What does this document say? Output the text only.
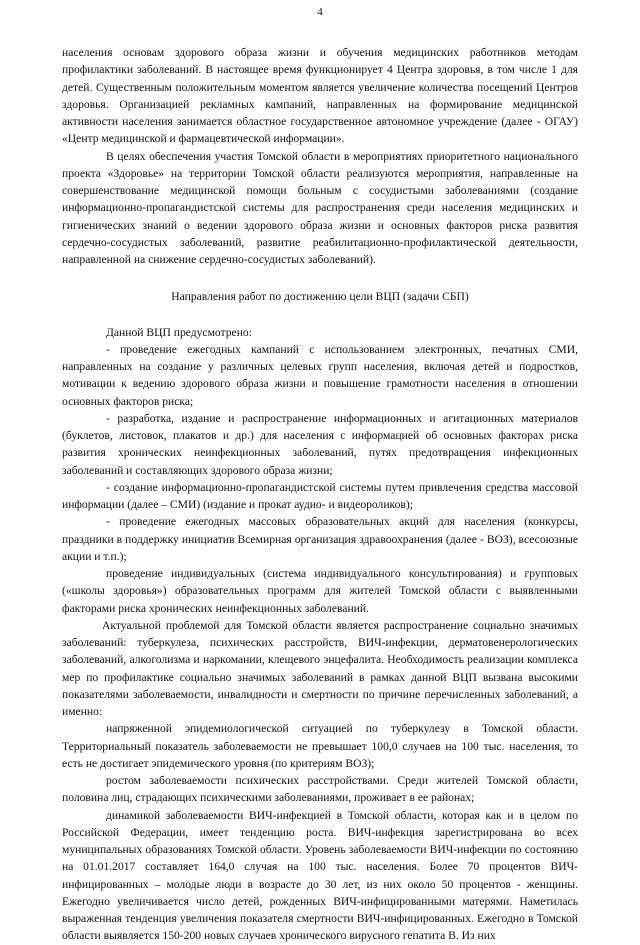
4

населения основам здорового образа жизни и обучения медицинских работников методам профилактики заболеваний. В настоящее время функционирует 4 Центра здоровья, в том числе 1 для детей. Существенным положительным моментом является увеличение количества посещений Центров здоровья. Организацией рекламных кампаний, направленных на формирование медицинской активности населения занимается областное государственное автономное учреждение (далее - ОГАУ) «Центр медицинской и фармацевтической информации».

В целях обеспечения участия Томской области в мероприятиях приоритетного национального проекта «Здоровье» на территории Томской области реализуются мероприятия, направленные на совершенствование медицинской помощи больным с сосудистыми заболеваниями (создание информационно-пропагандистской системы для распространения среди населения медицинских и гигиенических знаний о ведении здорового образа жизни и основных факторов риска развития сердечно-сосудистых заболеваний, развитие реабилитационно-профилактической деятельности, направленной на снижение сердечно-сосудистых заболеваний).

Направления работ по достижению цели ВЦП (задачи СБП)

Данной ВЦП предусмотрено:

- проведение ежегодных кампаний с использованием электронных, печатных СМИ, направленных на создание у различных целевых групп населения, включая детей и подростков, мотивации к ведению здорового образа жизни и повышение грамотности населения в отношении основных факторов риска;

- разработка, издание и распространение информационных и агитационных материалов (буклетов, листовок, плакатов и др.) для населения с информацией об основных факторах риска развития хронических неинфекционных заболеваний, путях предотвращения инфекционных заболеваний и составляющих здорового образа жизни;

- создание информационно-пропагандистской системы путем привлечения средства массовой информации (далее – СМИ) (издание и прокат аудио- и видеороликов);

- проведение ежегодных массовых образовательных акций для населения (конкурсы, праздники в поддержку инициатив Всемирная организация здравоохранения (далее - ВОЗ), всесоюзные акции и т.п.);

проведение индивидуальных (система индивидуального консультирования) и групповых («школы здоровья») образовательных программ для жителей Томской области с выявленными факторами риска хронических неинфекционных заболеваний.

Актуальной проблемой для Томской области является распространение социально значимых заболеваний: туберкулеза, психических расстройств, ВИЧ-инфекции, дерматовенерологических заболеваний, алкоголизма и наркомании, клещевого энцефалита. Необходимость реализации комплекса мер по профилактике социально значимых заболеваний в рамках данной ВЦП вызвана высокими показателями заболеваемости, инвалидности и смертности по причине перечисленных заболеваний, а именно:

напряженной эпидемиологической ситуацией по туберкулезу в Томской области. Территориальный показатель заболеваемости не превышает 100,0 случаев на 100 тыс. населения, то есть не достигает эпидемического уровня (по критериям ВОЗ);

ростом заболеваемости психических расстройствами. Среди жителей Томской области, половина лиц, страдающих психическими заболеваниями, проживает в ее районах;

динамикой заболеваемости ВИЧ-инфекцией в Томской области, которая как и в целом по Российской Федерации, имеет тенденцию роста. ВИЧ-инфекция зарегистрирована во всех муниципальных образованиях Томской области. Уровень заболеваемости ВИЧ-инфекции по состоянию на 01.01.2017 составляет 164,0 случая на 100 тыс. населения. Более 70 процентов ВИЧ-инфицированных – молодые люди в возрасте до 30 лет, из них около 50 процентов - женщины. Ежегодно увеличивается число детей, рожденных ВИЧ-инфицированными матерями. Наметилась выраженная тенденция увеличения показателя смертности ВИЧ-инфицированных. Ежегодно в Томской области выявляется 150-200 новых случаев хронического вирусного гепатита В. Из них
